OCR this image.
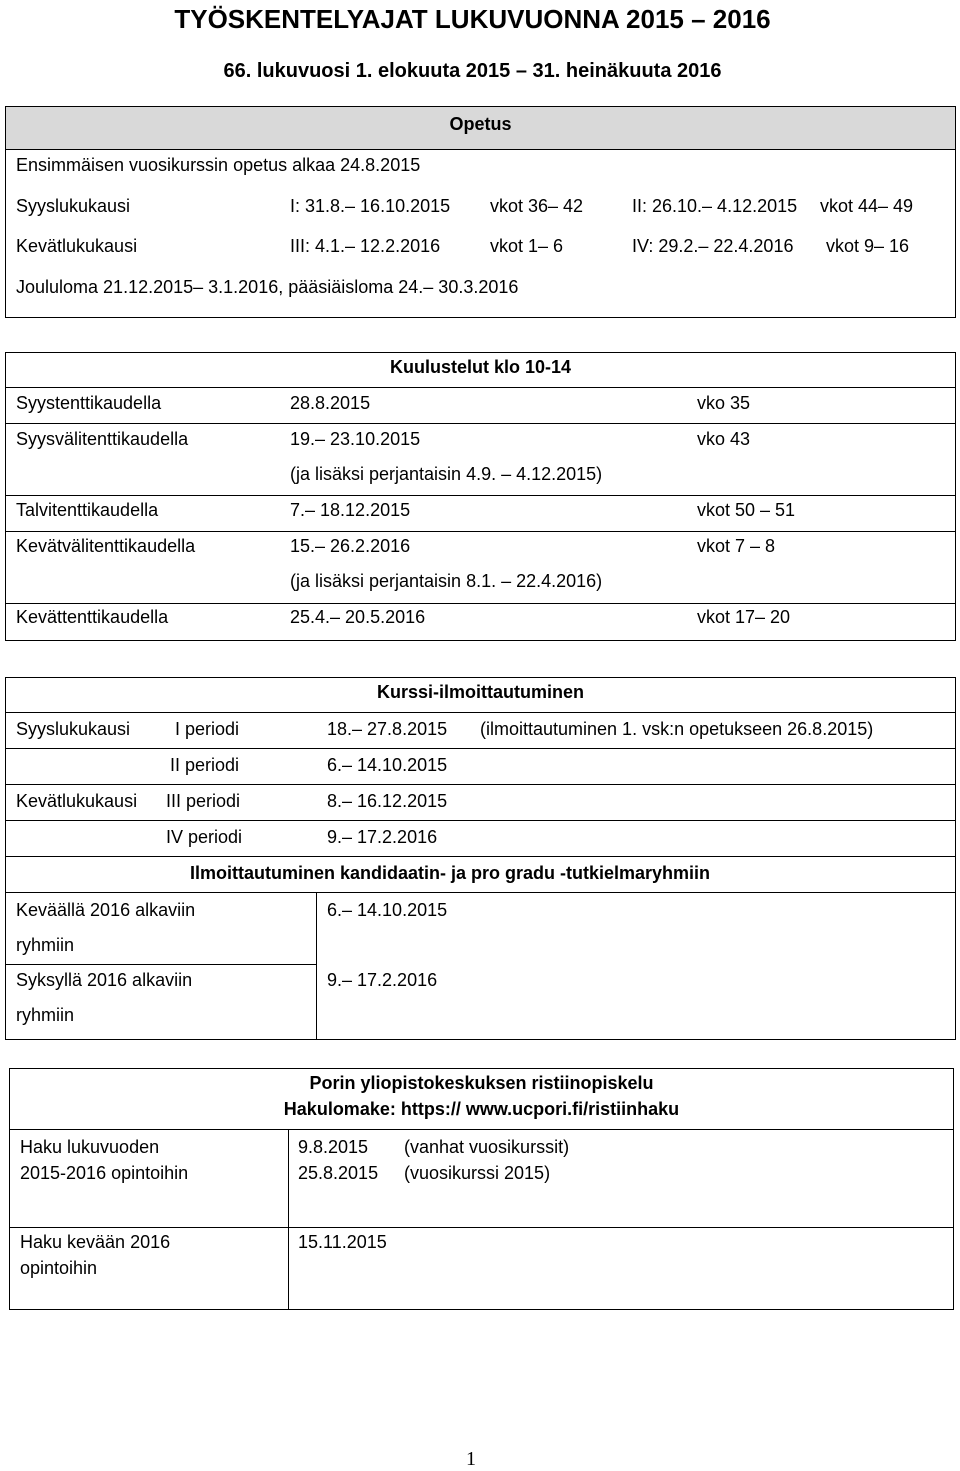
TYÖSKENTELYAJAT LUKUVUONNA 2015 – 2016
66. lukuvuosi 1. elokuuta 2015 – 31. heinäkuuta 2016
Opetus
Ensimmäisen vuosikurssin opetus alkaa 24.8.2015
Syyslukukausi	I: 31.8.– 16.10.2015 vkot 36– 42	II: 26.10.– 4.12.2015 vkot 44– 49
Kevätlukukausi	III: 4.1.– 12.2.2016	vkot 1– 6	IV: 29.2.– 22.4.2016 vkot 9– 16
Joululoma 21.12.2015– 3.1.2016, pääsiäisloma 24.– 30.3.2016
Kuulustelut klo 10-14
Syystenttikaudella	28.8.2015	vko 35
Syysvälitenttikaudella	19.– 23.10.2015	vko 43
(ja lisäksi perjantaisin 4.9. – 4.12.2015)
Talvitenttikaudella	7.– 18.12.2015	vkot 50 – 51
Kevätvälitenttikaudella	15.– 26.2.2016	vkot 7 – 8
(ja lisäksi perjantaisin 8.1. – 22.4.2016)
Kevättenttikaudella	25.4.– 20.5.2016	vkot 17– 20
Kurssi-ilmoittautuminen
Syyslukukausi I periodi	18.– 27.8.2015 (ilmoittautuminen 1. vsk:n opetukseen 26.8.2015)
II periodi	6.– 14.10.2015
Kevätlukukausi III periodi	8.– 16.12.2015
IV periodi	9.– 17.2.2016
Ilmoittautuminen kandidaatin- ja pro gradu -tutkielmaryhmiin
Keväällä 2016 alkaviin
ryhmiin
6.– 14.10.2015
Syksyllä 2016 alkaviin
ryhmiin
9.– 17.2.2016
Porin yliopistokeskuksen ristiinopiskelu
Hakulomake: https:// www.ucpori.fi/ristiinhaku
Haku lukuvuoden
2015-2016 opintoihin
9.8.2015 (vanhat vuosikurssit)
25.8.2015 (vuosikurssi 2015)
Haku kevään 2016
opintoihin
15.11.2015
1
